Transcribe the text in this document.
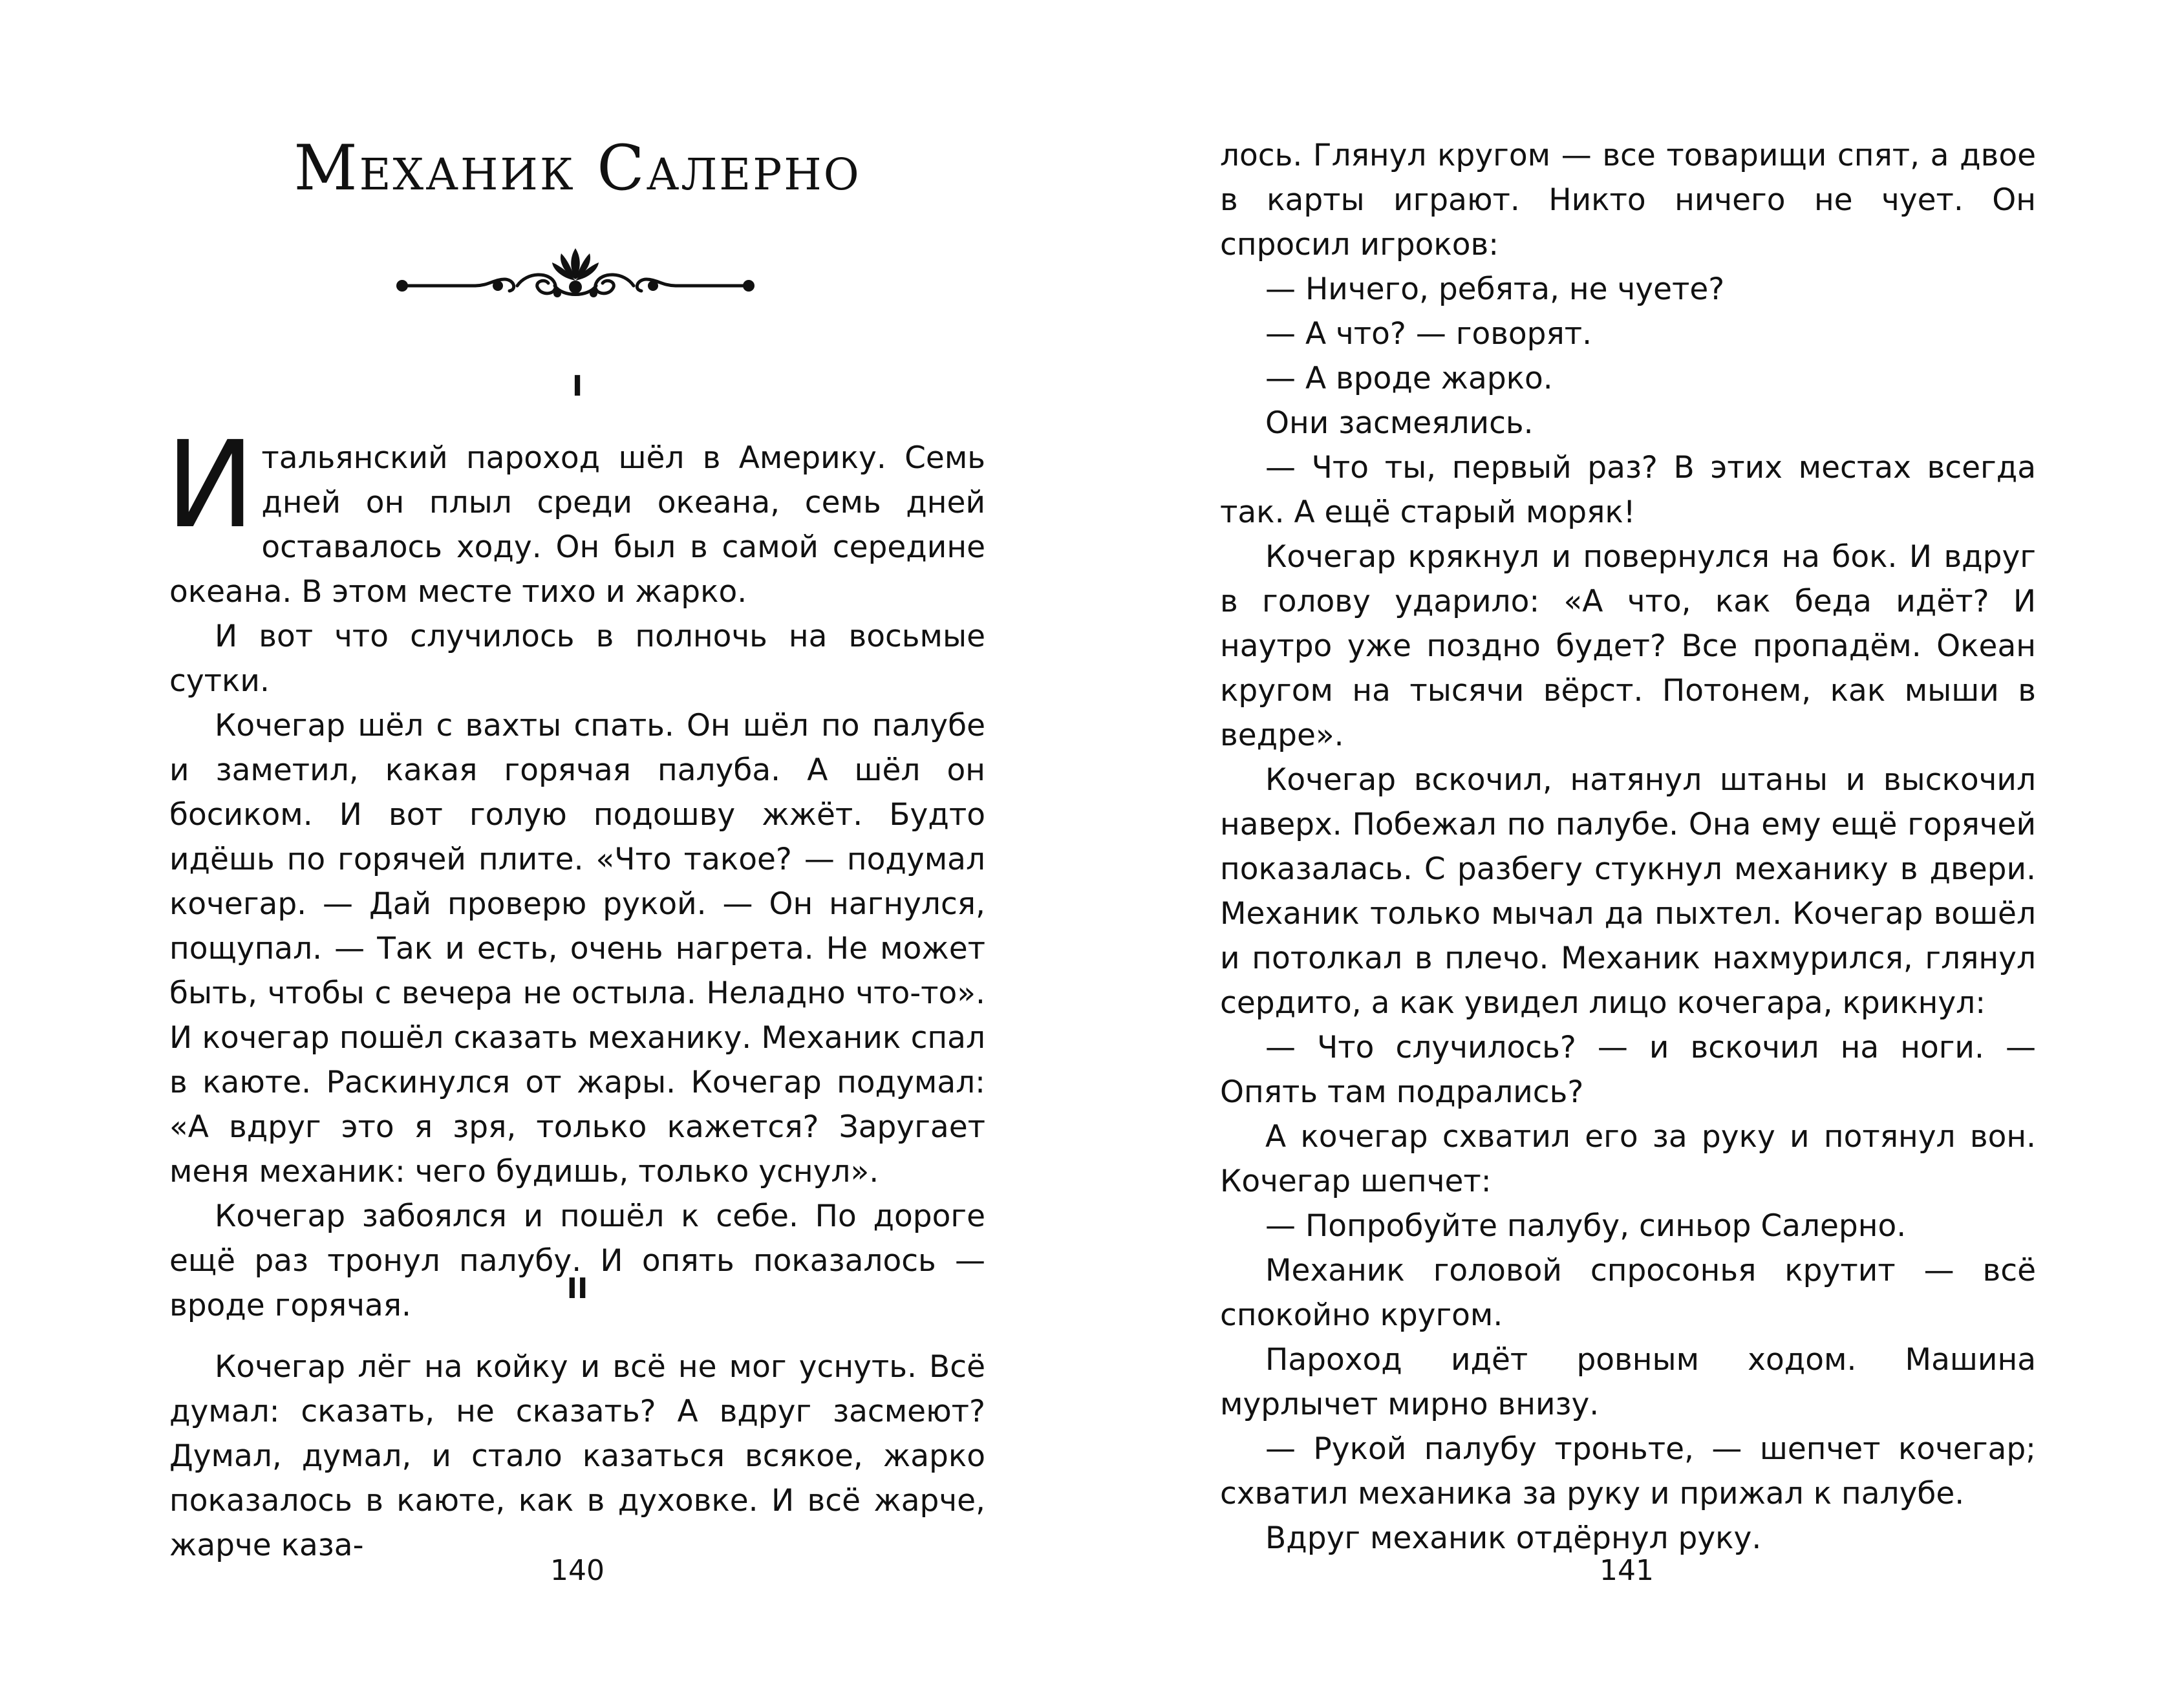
Механик Салерно
I

Итальянский пароход шёл в Америку. Семь дней он плыл среди океана, семь дней оставалось ходу. Он был в самой середине океана. В этом месте тихо и жарко.

И вот что случилось в полночь на восьмые сутки.

Кочегар шёл с вахты спать. Он шёл по палубе и заметил, какая горячая палуба. А шёл он босиком. И вот голую подошву жжёт. Будто идёшь по горячей плите. «Что такое? — подумал кочегар. — Дай проверю рукой. — Он нагнулся, пощупал. — Так и есть, очень нагрета. Не может быть, чтобы с вечера не остыла. Неладно что-то». И кочегар пошёл сказать механику. Механик спал в каюте. Раскинулся от жары. Кочегар подумал: «А вдруг это я зря, только кажется? Заругает меня механик: чего будишь, только уснул».

Кочегар забоялся и пошёл к себе. По дороге ещё раз тронул палубу. И опять показалось — вроде горячая.	II

Кочегар лёг на койку и всё не мог уснуть. Всё думал: сказать, не сказать? А вдруг засмеют? Думал, думал, и стало казаться всякое, жарко показалось в каюте, как в духовке. И всё жарче, жарче каза-

140

лось. Глянул кругом — все товарищи спят, а двое в карты играют. Никто ничего не чует. Он спросил игроков:

— Ничего, ребята, не чуете?

— А что? — говорят.

— А вроде жарко.

Они засмеялись.

— Что ты, первый раз? В этих местах всегда так. А ещё старый моряк!

Кочегар крякнул и повернулся на бок. И вдруг в голову ударило: «А что, как беда идёт? И наутро уже поздно будет? Все пропадём. Океан кругом на тысячи вёрст. Потонем, как мыши в ведре».

Кочегар вскочил, натянул штаны и выскочил наверх. Побежал по палубе. Она ему ещё горячей показалась. С разбегу стукнул механику в двери. Механик только мычал да пыхтел. Кочегар вошёл и потолкал в плечо. Механик нахмурился, глянул сердито, а как увидел лицо кочегара, крикнул:

— Что случилось? — и вскочил на ноги. — Опять там подрались?

А кочегар схватил его за руку и потянул вон. Кочегар шепчет:

— Попробуйте палубу, синьор Салерно.

Механик головой спросонья крутит — всё спокойно кругом.

Пароход идёт ровным ходом. Машина мурлычет мирно внизу.

— Рукой палубу троньте, — шепчет кочегар; схватил механика за руку и прижал к палубе.

Вдруг механик отдёрнул руку.

141
